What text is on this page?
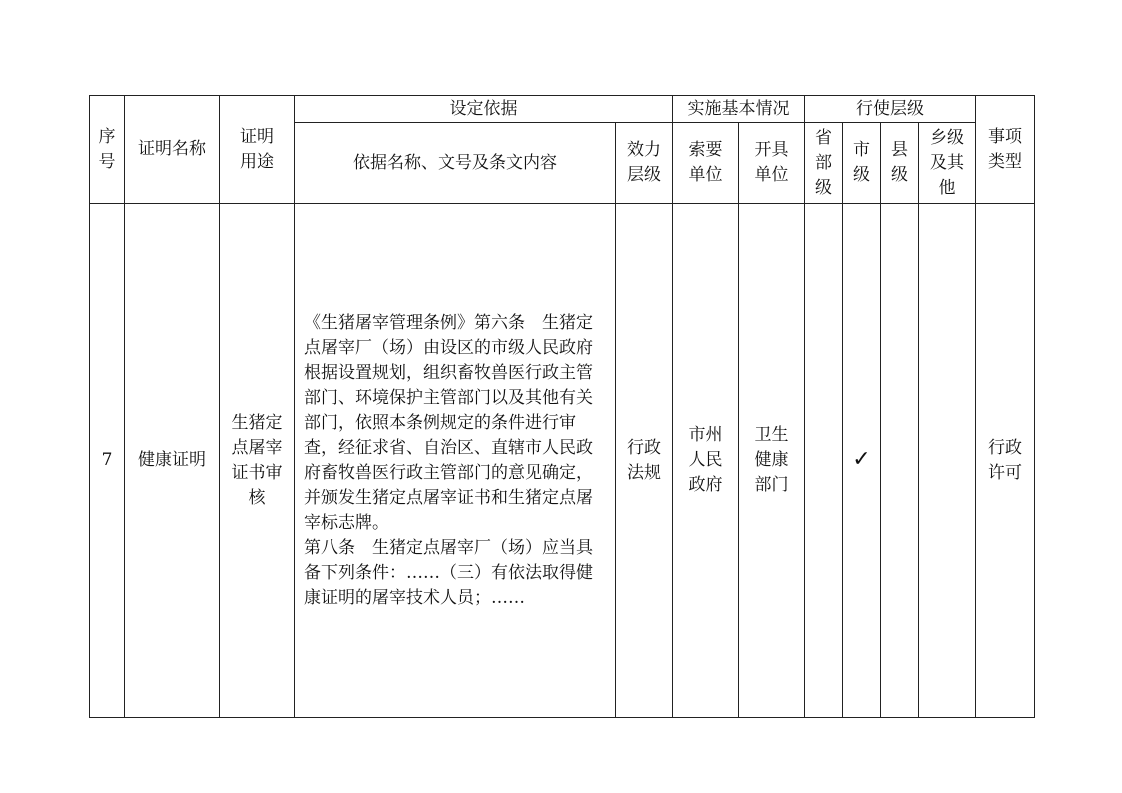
序号	证明名称	证明用途	设定依据		实施基本情况		行使层级				事项类型
			依据名称、文号及条文内容	效力层级	索要单位	开具单位	省部级	市级	县级	乡级及其他	
7	健康证明	生猪定点屠宰证书审核	《生猪屠宰管理条例》第六条　生猪定点屠宰厂（场）由设区的市级人民政府根据设置规划，组织畜牧兽医行政主管部门、环境保护主管部门以及其他有关部门，依照本条例规定的条件进行审查，经征求省、自治区、直辖市人民政府畜牧兽医行政主管部门的意见确定，并颁发生猪定点屠宰证书和生猪定点屠宰标志牌。

第八条　生猪定点屠宰厂（场）应当具备下列条件：……（三）有依法取得健康证明的屠宰技术人员；……	行政法规	市州人民政府	卫生健康部门		✓			行政许可
